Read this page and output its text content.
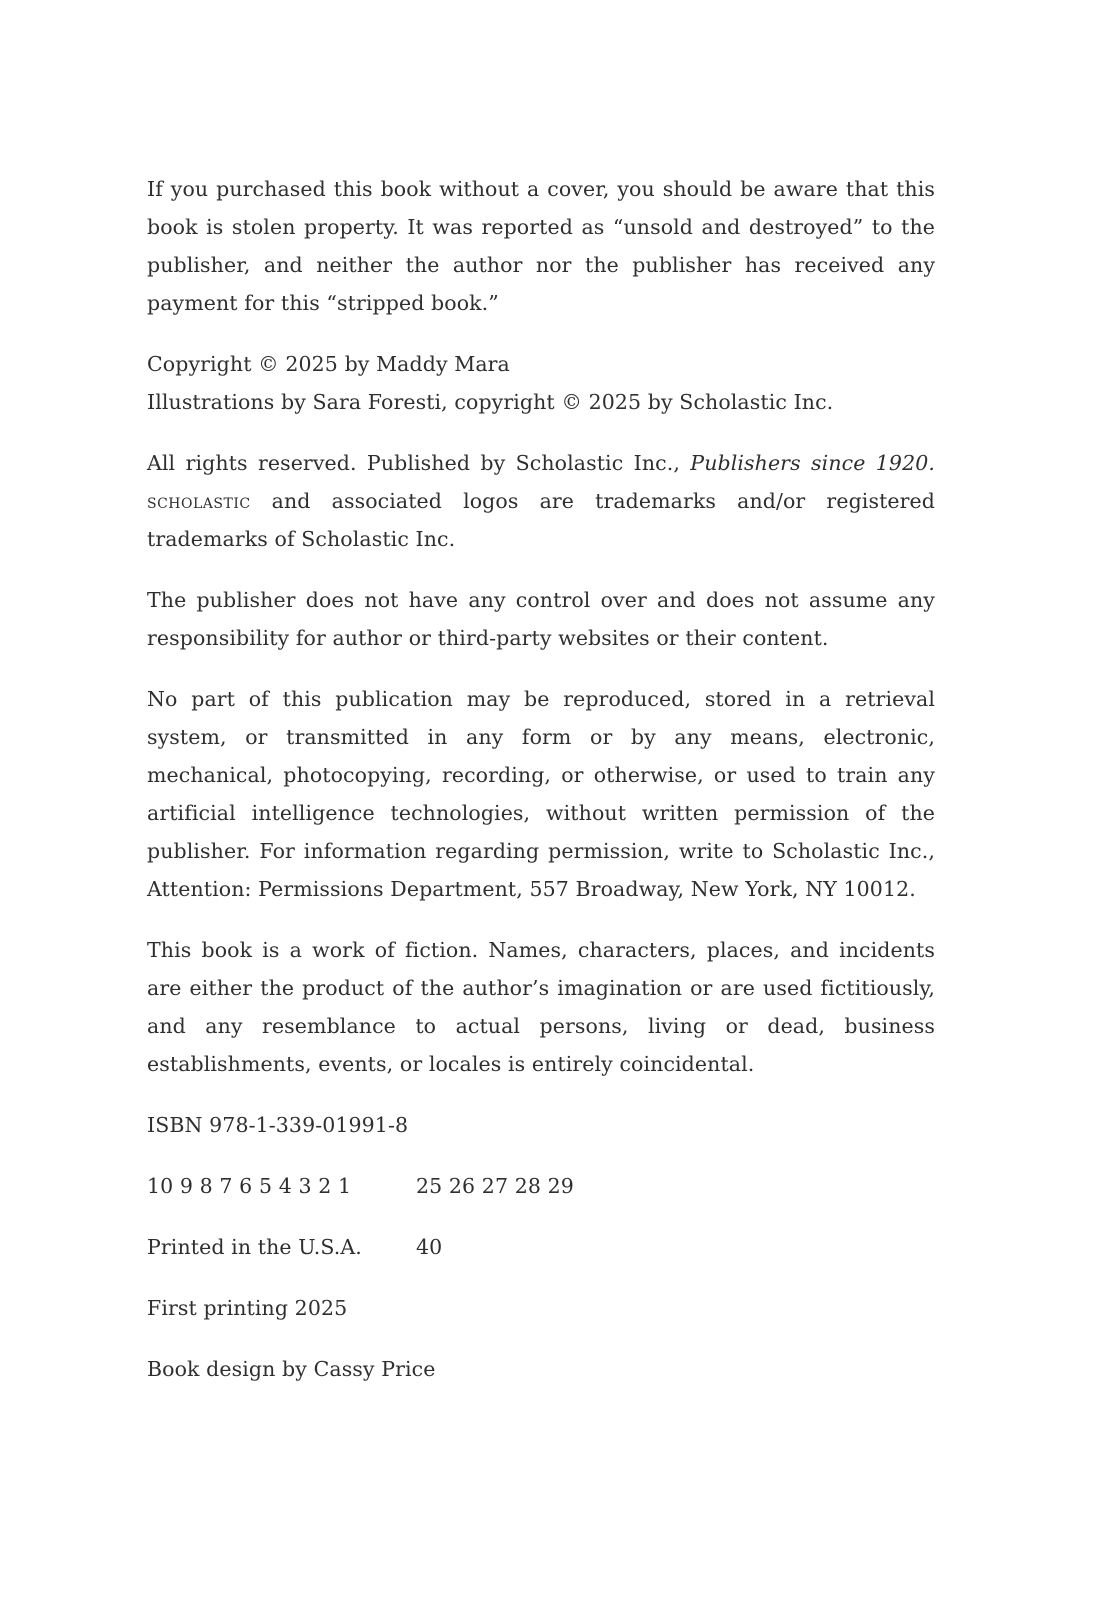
If you purchased this book without a cover, you should be aware that this book is stolen property. It was reported as “unsold and destroyed” to the publisher, and neither the author nor the publisher has received any payment for this “stripped book.”

Copyright © 2025 by Maddy Mara
Illustrations by Sara Foresti, copyright © 2025 by Scholastic Inc.

All rights reserved. Published by Scholastic Inc., Publishers since 1920. scholastic and associated logos are trademarks and/or registered trademarks of Scholastic Inc.

The publisher does not have any control over and does not assume any responsibility for author or third-party websites or their content.

No part of this publication may be reproduced, stored in a retrieval system, or transmitted in any form or by any means, electronic, mechanical, photocopying, recording, or otherwise, or used to train any artificial intelligence technologies, without written permission of the publisher. For information regarding permission, write to Scholastic Inc., Attention: Permissions Department, 557 Broadway, New York, NY 10012.

This book is a work of fiction. Names, characters, places, and incidents are either the product of the author’s imagination or are used fictitiously, and any resemblance to actual persons, living or dead, business establishments, events, or locales is entirely coincidental.

ISBN 978-1-339-01991-8

10 9 8 7 6 5 4 3 2 1	25 26 27 28 29
Printed in the U.S.A.	40

First printing 2025

Book design by Cassy Price
